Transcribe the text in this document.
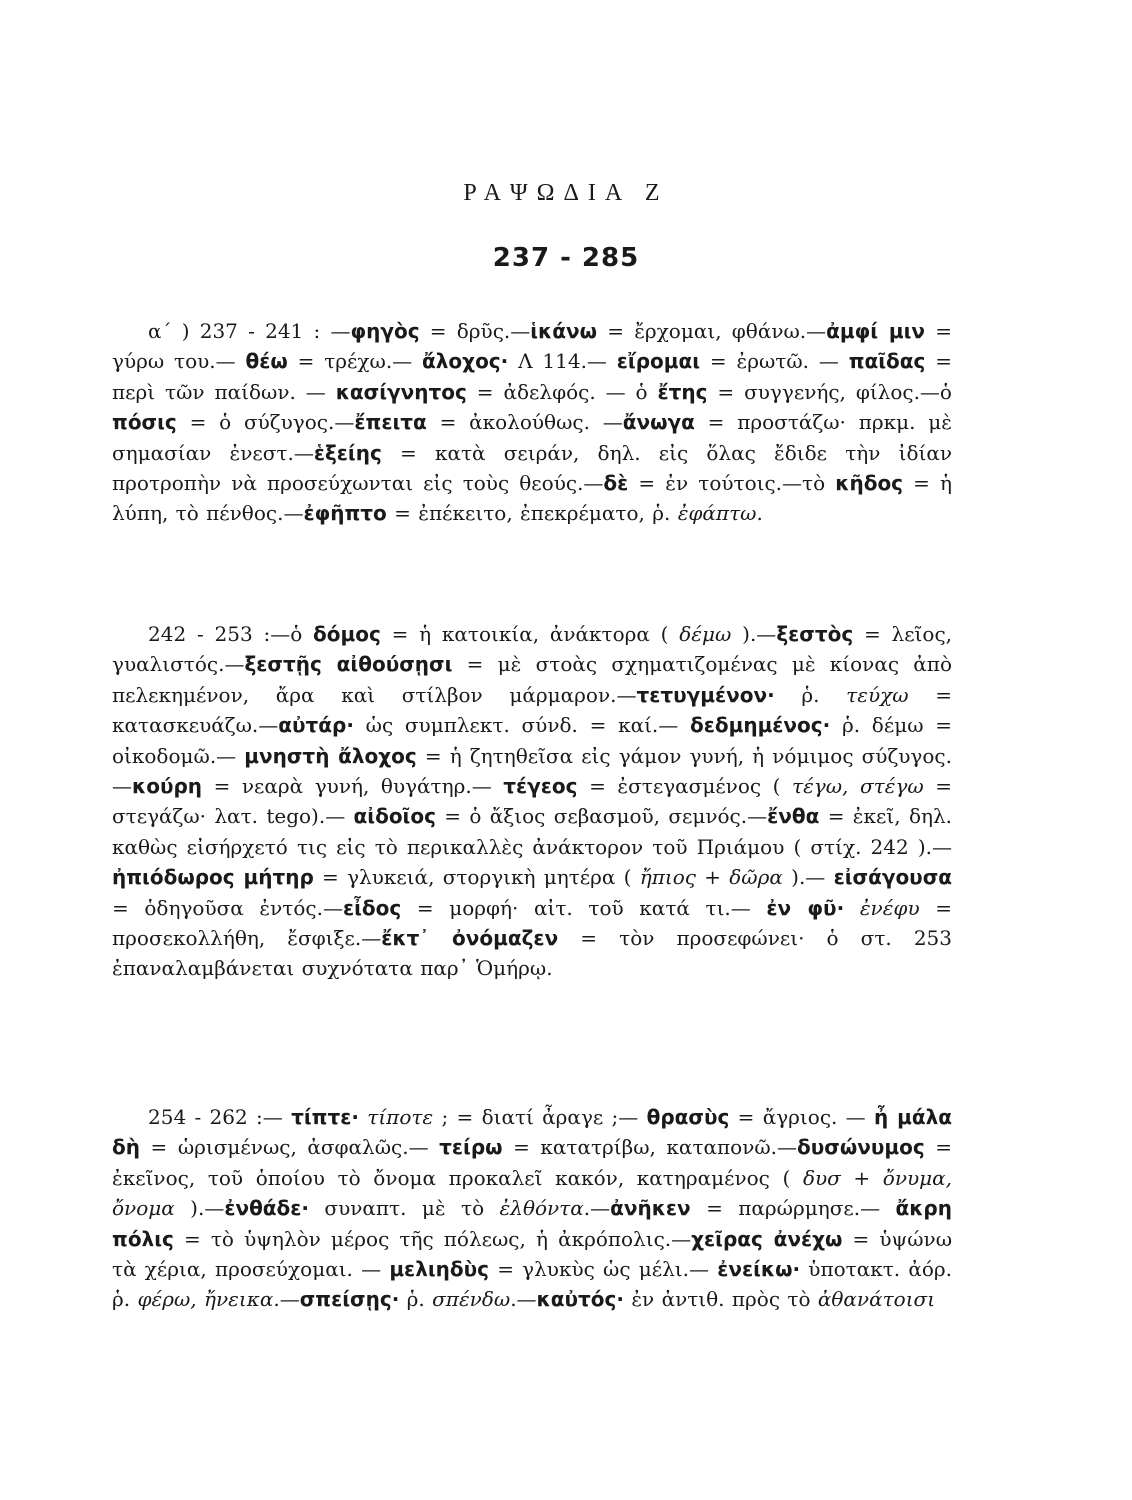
ΡΑΨΩΔΙΑ Ζ
237 - 285

α΄ ) 237 - 241 : —φηγὸς = δρῦς.—ἱκάνω = ἔρχομαι, φθάνω.—ἀμφί μιν = γύρω του.— θέω = τρέχω.— ἄλοχος· Λ 114.— εἴρομαι = ἐρωτῶ. — παῖδας = περὶ τῶν παίδων. — κασίγνητος = ἀδελφός. — ὁ ἔτης = συγγενής, φίλος.—ὁ πόσις = ὁ σύζυγος.—ἔπειτα = ἀκολούθως. —ἄνωγα = προστάζω· πρκμ. μὲ σημασίαν ἐνεστ.—ἑξείης = κατὰ σειράν, δηλ. εἰς ὅλας ἔδιδε τὴν ἰδίαν προτροπὴν νὰ προσεύχωνται εἰς τοὺς θεούς.—δὲ = ἐν τούτοις.—τὸ κῆδος = ἡ λύπη, τὸ πένθος.—ἐφῆπτο = ἐπέκειτο, ἐπεκρέματο, ῥ. ἐφάπτω.

242 - 253 :—ὁ δόμος = ἡ κατοικία, ἀνάκτορα ( δέμω ).—ξεστὸς = λεῖος, γυαλιστός.—ξεστῇς αἰθούσῃσι = μὲ στοὰς σχηματιζομένας μὲ κίονας ἀπὸ πελεκημένον, ἄρα καὶ στίλβον μάρμαρον.—τετυγμένον· ῥ. τεύχω = κατασκευάζω.—αὐτάρ· ὡς συμπλεκτ. σύνδ. = καί.— δεδμημένος· ῥ. δέμω = οἰκοδομῶ.— μνηστὴ ἄλοχος = ἡ ζητηθεῖσα εἰς γάμον γυνή, ἡ νόμιμος σύζυγος.—κούρη = νεαρὰ γυνή, θυγάτηρ.— τέγεος = ἐστεγασμένος ( τέγω, στέγω = στεγάζω· λατ. tego).— αἰδοῖος = ὁ ἄξιος σεβασμοῦ, σεμνός.—ἔνθα = ἐκεῖ, δηλ. καθὼς εἰσήρχετό τις εἰς τὸ περικαλλὲς ἀνάκτορον τοῦ Πριάμου ( στίχ. 242 ).—ἠπιόδωρος μήτηρ = γλυκειά, στοργικὴ μητέρα ( ἤπιος + δῶρα ).— εἰσάγουσα = ὁδηγοῦσα ἐντός.—εἶδος = μορφή· αἰτ. τοῦ κατά τι.— ἐν φῦ· ἐνέφυ = προσεκολλήθη, ἔσφιξε.—ἔκτ᾽ ὀνόμαζεν = τὸν προσεφώνει· ὁ στ. 253 ἐπαναλαμβάνεται συχνότατα παρ᾽ Ὁμήρῳ.

254 - 262 :— τίπτε· τίποτε ; = διατί ἆραγε ;— θρασὺς = ἄγριος. — ἦ μάλα δὴ = ὡρισμένως, ἀσφαλῶς.— τείρω = κατατρίβω, καταπονῶ.—δυσώνυμος = ἐκεῖνος, τοῦ ὁποίου τὸ ὄνομα προκαλεῖ κακόν, κατηραμένος ( δυσ + ὄνυμα, ὄνομα ).—ἐνθάδε· συναπτ. μὲ τὸ ἐλθόντα.—ἀνῆκεν = παρώρμησε.— ἄκρη πόλις = τὸ ὑψηλὸν μέρος τῆς πόλεως, ἡ ἀκρόπολις.—χεῖρας ἀνέχω = ὑψώνω τὰ χέρια, προσεύχομαι. — μελιηδὺς = γλυκὺς ὡς μέλι.— ἐνείκω· ὑποτακτ. ἀόρ. ῥ. φέρω, ἤνεικα.—σπείσῃς· ῥ. σπένδω.—καὐτός· ἐν ἀντιθ. πρὸς τὸ ἀθανάτοισι
